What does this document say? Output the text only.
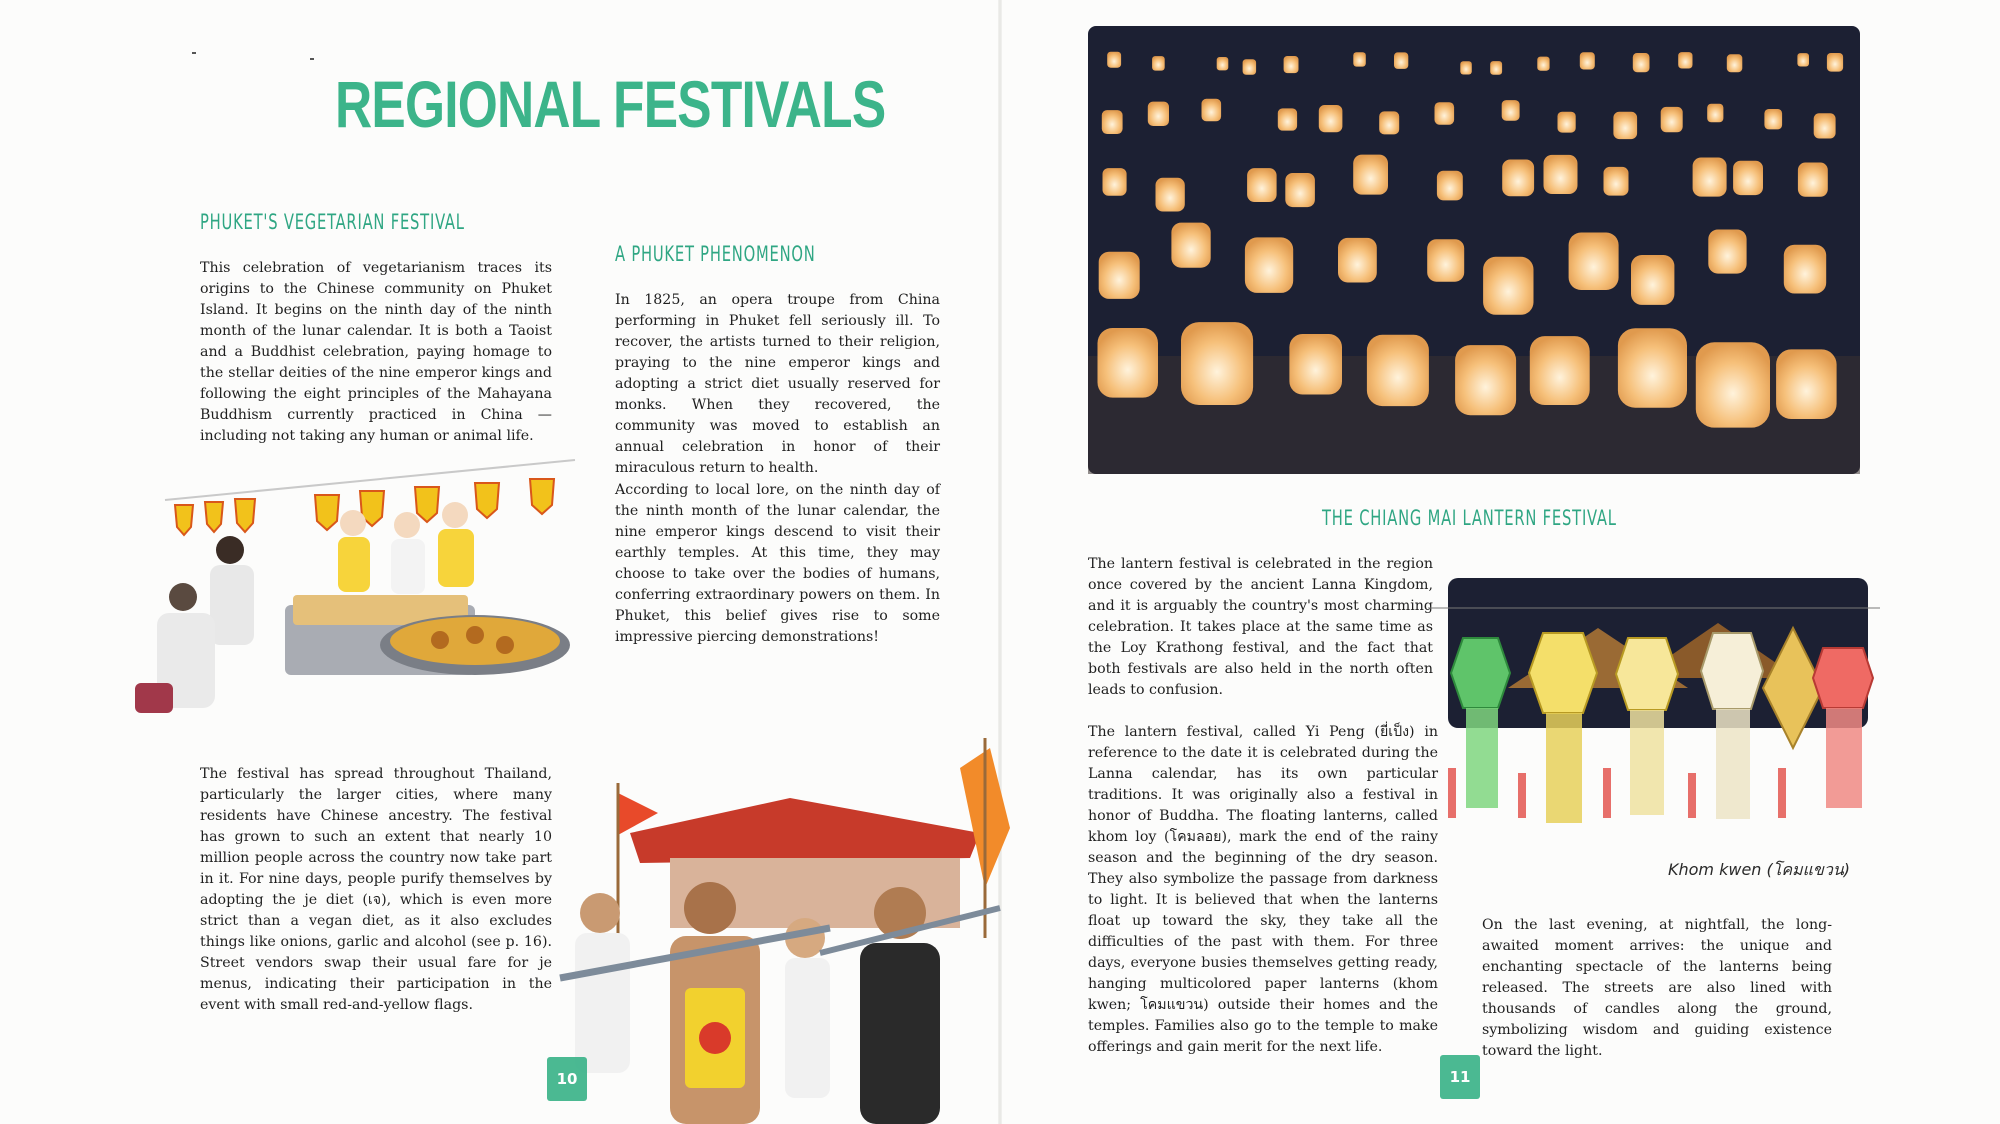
REGIONAL FESTIVALS
PHUKET'S VEGETARIAN FESTIVAL

This celebration of vegetarianism traces its origins to the Chinese community on Phuket Island. It begins on the ninth day of the ninth month of the lunar calendar. It is both a Taoist and a Buddhist celebration, paying homage to the stellar deities of the nine emperor kings and following the eight principles of the Mahayana Buddhism currently practiced in China — including not taking any human or animal life.

A PHUKET PHENOMENON

In 1825, an opera troupe from China performing in Phuket fell seriously ill. To recover, the artists turned to their religion, praying to the nine emperor kings and adopting a strict diet usually reserved for monks. When they recovered, the community was moved to establish an annual celebration in honor of their miraculous return to health.

According to local lore, on the ninth day of the ninth month of the lunar calendar, the nine emperor kings descend to visit their earthly temples. At this time, they may choose to take over the bodies of humans, conferring extraordinary powers on them. In Phuket, this belief gives rise to some impressive piercing demonstrations!

The festival has spread throughout Thailand, particularly the larger cities, where many residents have Chinese ancestry. The festival has grown to such an extent that nearly 10 million people across the country now take part in it. For nine days, people purify themselves by adopting the je diet (เจ), which is even more strict than a vegan diet, as it also excludes things like onions, garlic and alcohol (see p. 16). Street vendors swap their usual fare for je menus, indicating their participation in the event with small red-and-yellow flags.

10
THE CHIANG MAI LANTERN FESTIVAL

The lantern festival is celebrated in the region once covered by the ancient Lanna Kingdom, and it is arguably the country's most charming celebration. It takes place at the same time as the Loy Krathong festival, and the fact that both festivals are also held in the north often leads to confusion.

The lantern festival, called Yi Peng (ยี่เป็ง) in reference to the date it is celebrated during the Lanna calendar, has its own particular traditions. It was originally also a festival in honor of Buddha. The floating lanterns, called khom loy (โคมลอย), mark the end of the rainy season and the beginning of the dry season. They also symbolize the passage from darkness to light. It is believed that when the lanterns float up toward the sky, they take all the difficulties of the past with them. For three days, everyone busies themselves getting ready, hanging multicolored paper lanterns (khom kwen; โคมแขวน) outside their homes and the temples. Families also go to the temple to make offerings and gain merit for the next life.

On the last evening, at nightfall, the long-awaited moment arrives: the unique and enchanting spectacle of the lanterns being released. The streets are also lined with thousands of candles along the ground, symbolizing wisdom and guiding existence toward the light.

Khom kwen (โคมแขวน)

11
